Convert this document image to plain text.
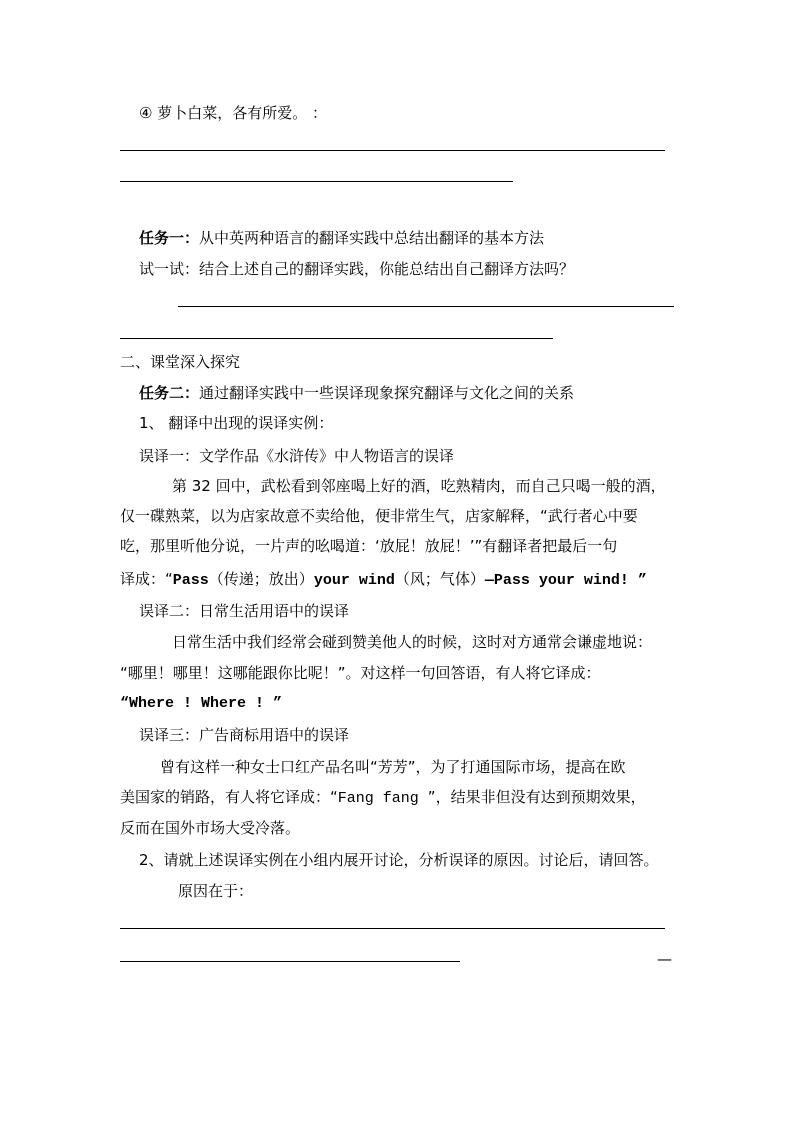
④ 萝卜白菜，各有所爱。 ：
任务一：从中英两种语言的翻译实践中总结出翻译的基本方法
试一试：结合上述自己的翻译实践，你能总结出自己翻译方法吗？
二、课堂深入探究
任务二：通过翻译实践中一些误译现象探究翻译与文化之间的关系
1、 翻译中出现的误译实例：
误译一：文学作品《水浒传》中人物语言的误译
第 32 回中，武松看到邻座喝上好的酒，吃熟精肉，而自己只喝一般的酒，
仅一碟熟菜，以为店家故意不卖给他，便非常生气，店家解释，“武行者心中要
吃，那里听他分说，一片声的吆喝道：‘放屁！放屁！’”有翻译者把最后一句
译成：“Pass（传递；放出）your wind（风；气体）—Pass your wind! ”
误译二：日常生活用语中的误译
日常生活中我们经常会碰到赞美他人的时候，这时对方通常会谦虚地说：
“哪里！哪里！这哪能跟你比呢！”。对这样一句回答语，有人将它译成：
“Where ! Where ! ”
误译三：广告商标用语中的误译
曾有这样一种女士口红产品名叫“芳芳”，为了打通国际市场，提高在欧
美国家的销路，有人将它译成：“Fang fang ”，结果非但没有达到预期效果，
反而在国外市场大受冷落。
2、请就上述误译实例在小组内展开讨论，分析误译的原因。讨论后，请回答。
原因在于：
—
